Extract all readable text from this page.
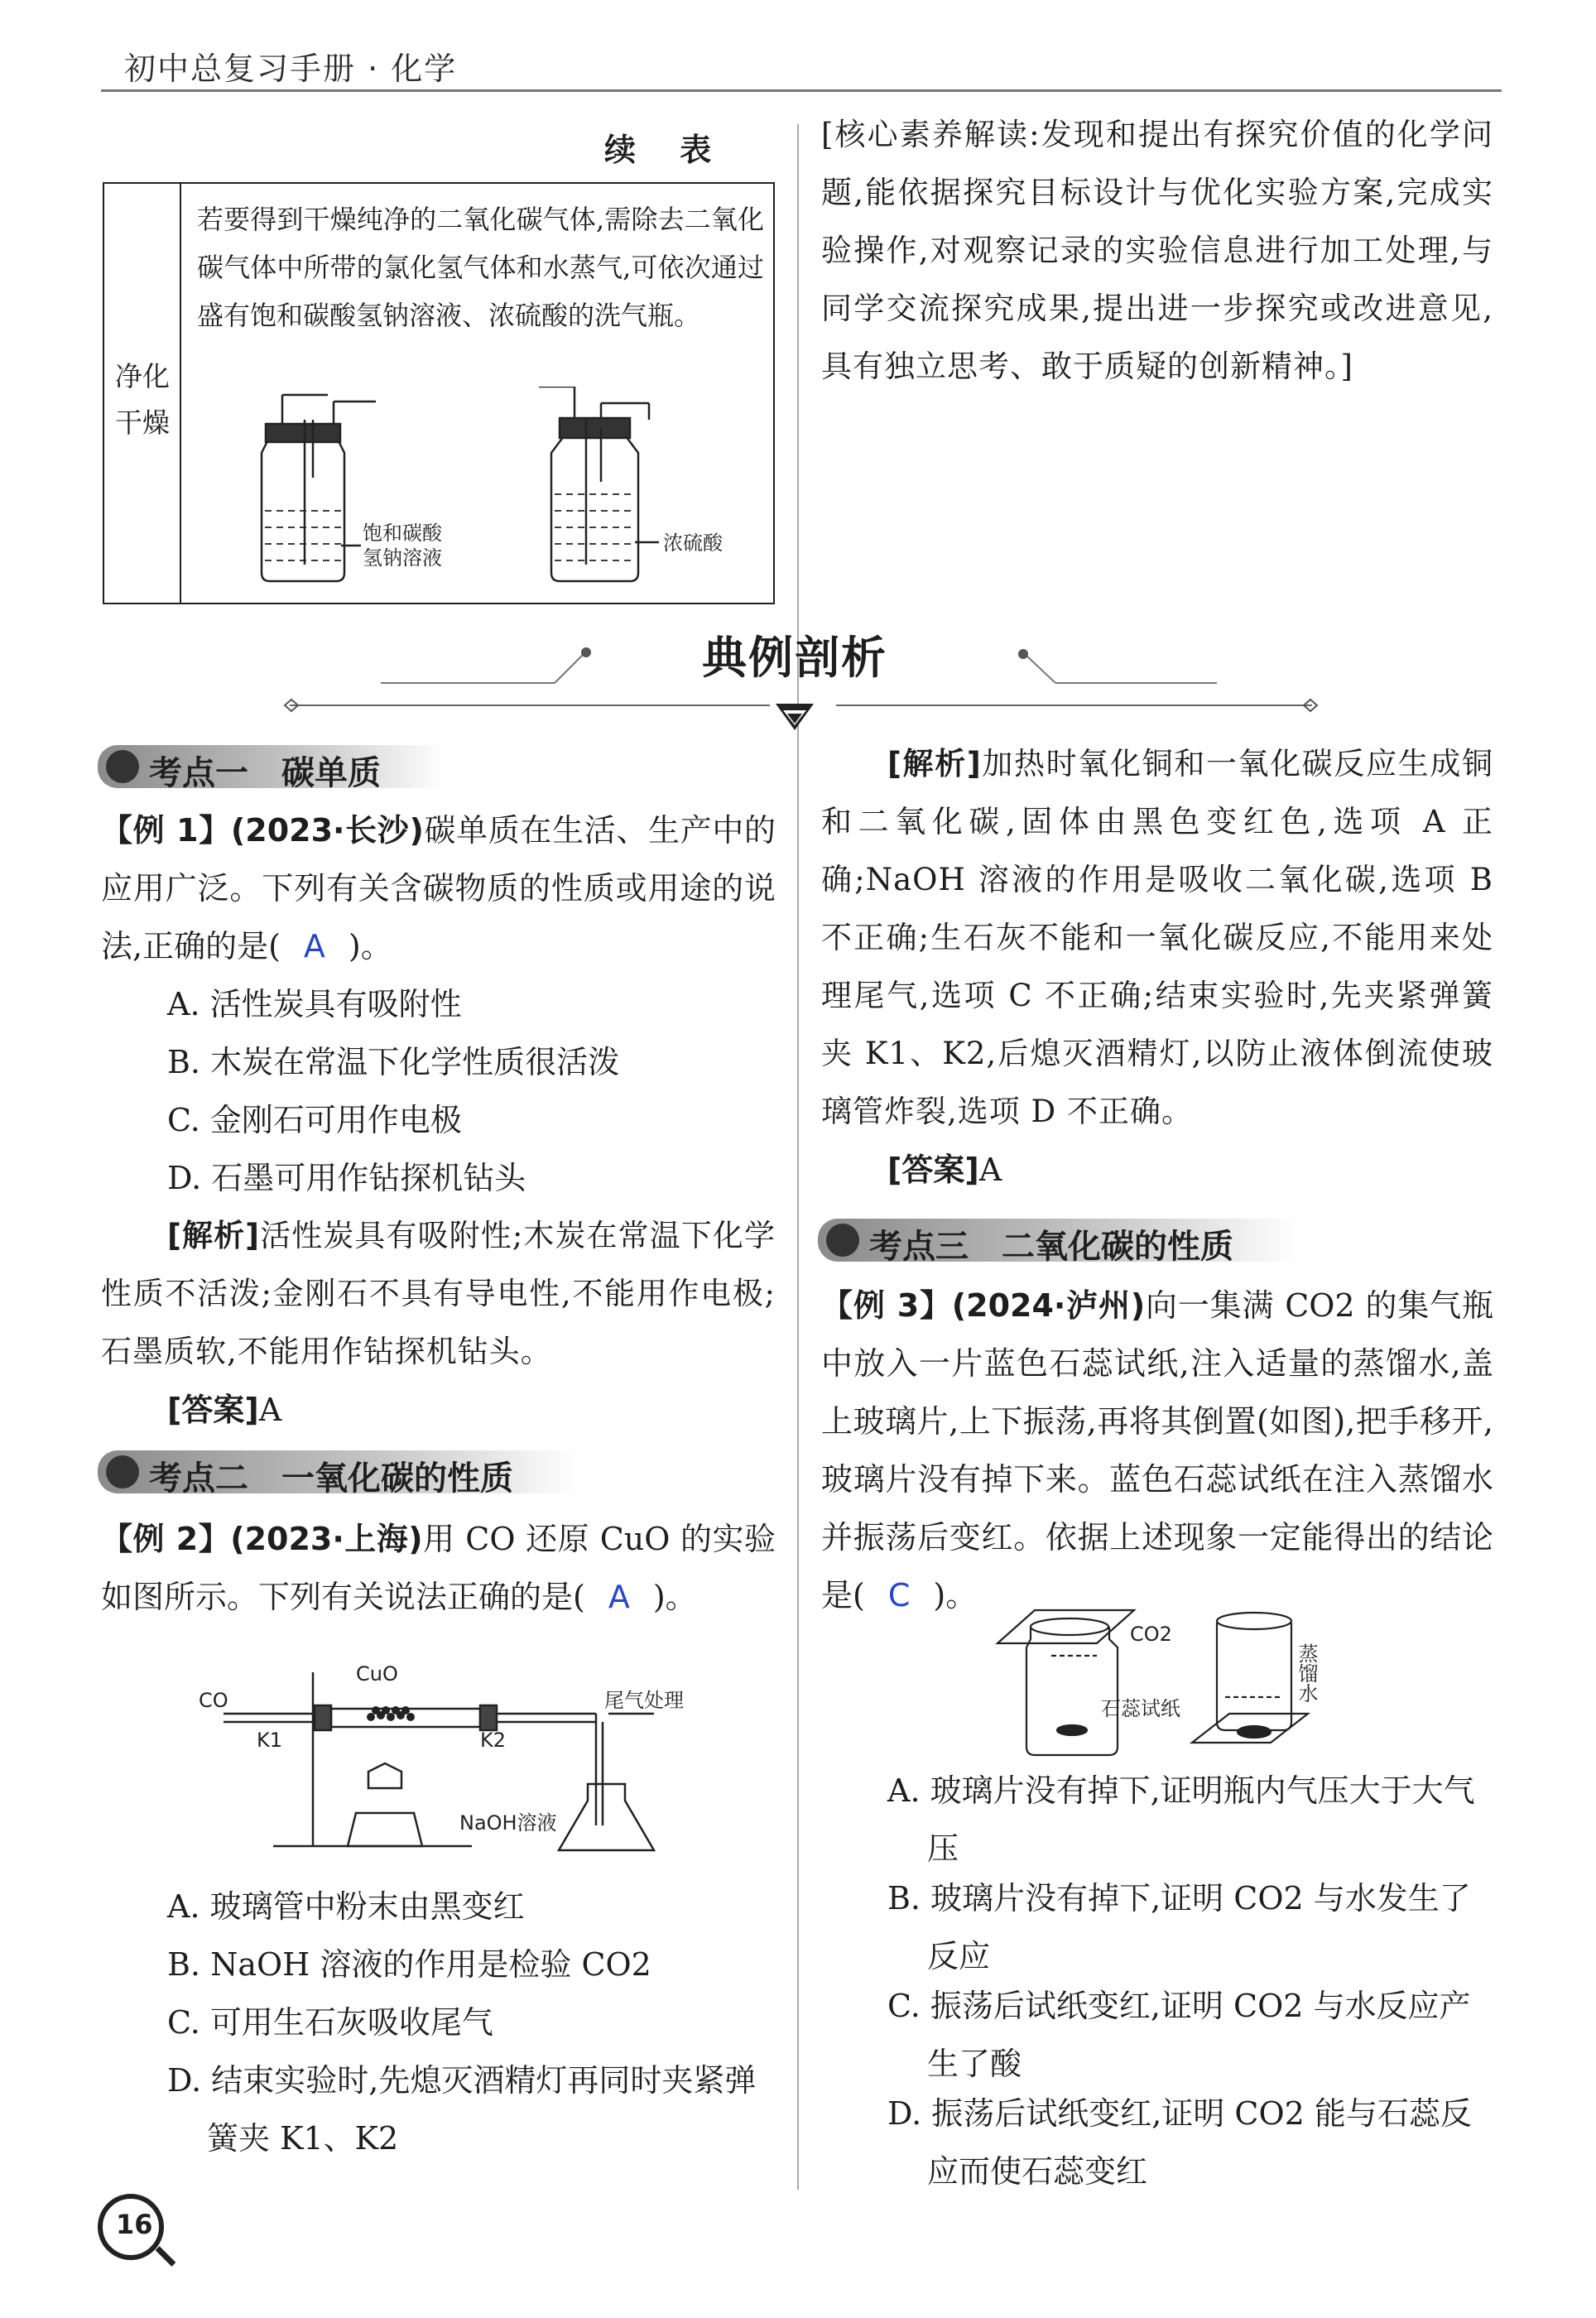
初中总复习手册 · 化学
续 表
净化干燥
若要得到干燥纯净的二氧化碳气体,需除去二氧化碳气体中所带的氯化氢气体和水蒸气,可依次通过盛有饱和碳酸氢钠溶液、浓硫酸的洗气瓶。
饱和碳酸
氢钠溶液
浓硫酸
[核心素养解读:发现和提出有探究价值的化学问题,能依据探究目标设计与优化实验方案,完成实验操作,对观察记录的实验信息进行加工处理,与同学交流探究成果,提出进一步探究或改进意见,具有独立思考、敢于质疑的创新精神。]
典例剖析
考点一　碳单质
【例 1】(2023·长沙)碳单质在生活、生产中的应用广泛。下列有关含碳物质的性质或用途的说法,正确的是( A )。
A. 活性炭具有吸附性
B. 木炭在常温下化学性质很活泼
C. 金刚石可用作电极
D. 石墨可用作钻探机钻头
[解析]活性炭具有吸附性;木炭在常温下化学性质不活泼;金刚石不具有导电性,不能用作电极;石墨质软,不能用作钻探机钻头。
[答案]A
考点二　一氧化碳的性质
【例 2】(2023·上海)用 CO 还原 CuO 的实验如图所示。下列有关说法正确的是( A )。
CO
CuO
K1	K2
尾气处理
NaOH溶液
A. 玻璃管中粉末由黑变红
B. NaOH 溶液的作用是检验 CO2
C. 可用生石灰吸收尾气
D. 结束实验时,先熄灭酒精灯再同时夹紧弹簧夹 K1、K2
[解析]加热时氧化铜和一氧化碳反应生成铜和二氧化碳,固体由黑色变红色,选项 A 正确;NaOH 溶液的作用是吸收二氧化碳,选项 B 不正确;生石灰不能和一氧化碳反应,不能用来处理尾气,选项 C 不正确;结束实验时,先夹紧弹簧夹 K1、K2,后熄灭酒精灯,以防止液体倒流使玻璃管炸裂,选项 D 不正确。
[答案]A
考点三　二氧化碳的性质
【例 3】(2024·泸州)向一集满 CO2 的集气瓶中放入一片蓝色石蕊试纸,注入适量的蒸馏水,盖上玻璃片,上下振荡,再将其倒置(如图),把手移开,玻璃片没有掉下来。蓝色石蕊试纸在注入蒸馏水并振荡后变红。依据上述现象一定能得出的结论是( C )。
CO2
石蕊试纸
蒸馏水
A. 玻璃片没有掉下,证明瓶内气压大于大气压
B. 玻璃片没有掉下,证明 CO2 与水发生了反应
C. 振荡后试纸变红,证明 CO2 与水反应产生了酸
D. 振荡后试纸变红,证明 CO2 能与石蕊反应而使石蕊变红
16
